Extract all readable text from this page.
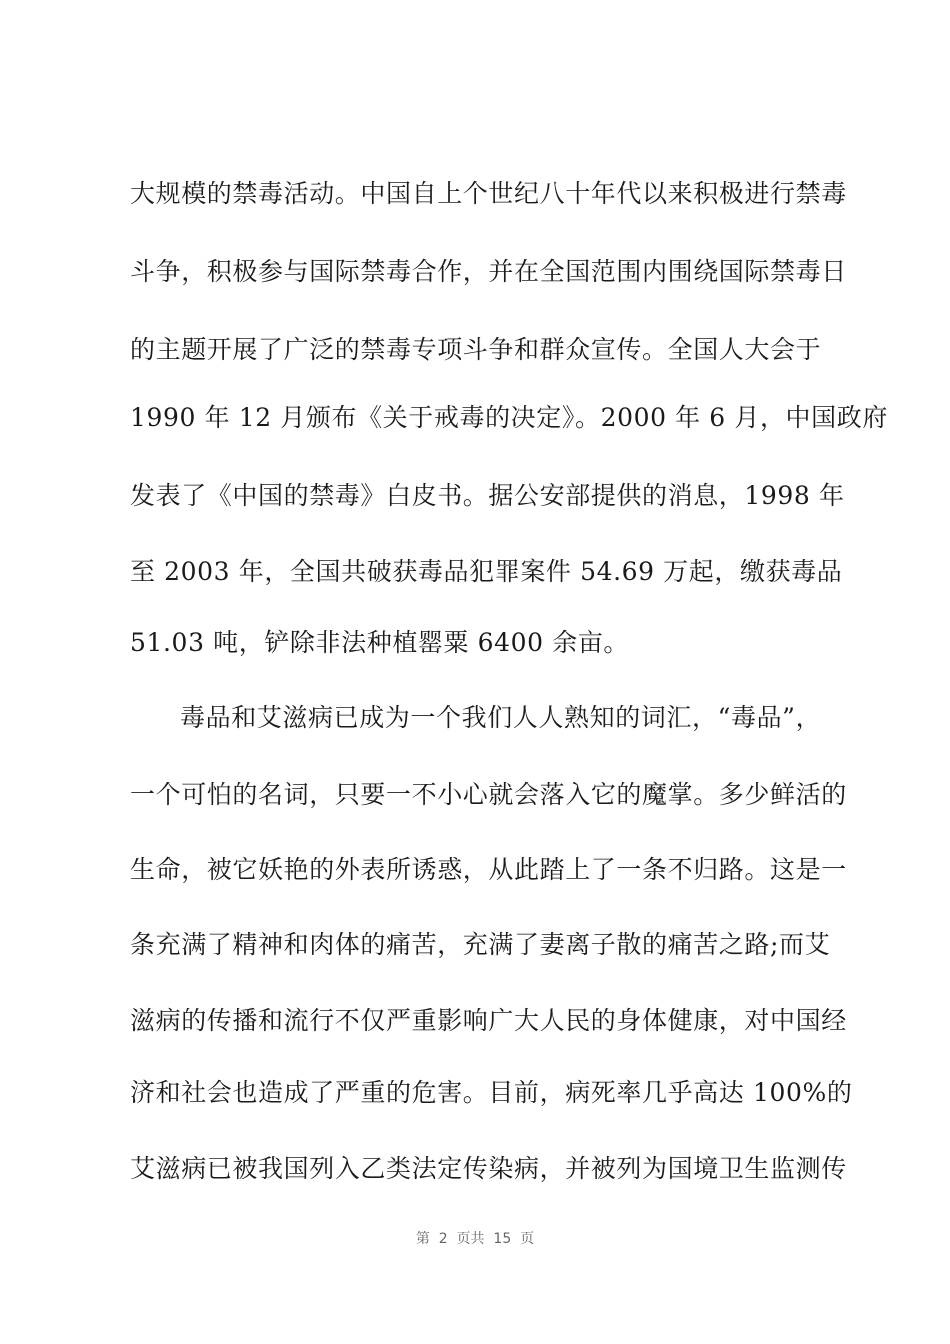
大规模的禁毒活动。中国自上个世纪八十年代以来积极进行禁毒
斗争，积极参与国际禁毒合作，并在全国范围内围绕国际禁毒日
的主题开展了广泛的禁毒专项斗争和群众宣传。全国人大会于
1990 年 12 月颁布《关于戒毒的决定》。2000 年 6 月，中国政府
发表了《中国的禁毒》白皮书。据公安部提供的消息，1998 年
至 2003 年，全国共破获毒品犯罪案件 54.69 万起，缴获毒品
51.03 吨，铲除非法种植罂粟 6400 余亩。
毒品和艾滋病已成为一个我们人人熟知的词汇，“毒品”，
一个可怕的名词，只要一不小心就会落入它的魔掌。多少鲜活的
生命，被它妖艳的外表所诱惑，从此踏上了一条不归路。这是一
条充满了精神和肉体的痛苦，充满了妻离子散的痛苦之路;而艾
滋病的传播和流行不仅严重影响广大人民的身体健康，对中国经
济和社会也造成了严重的危害。目前，病死率几乎高达 100%的
艾滋病已被我国列入乙类法定传染病，并被列为国境卫生监测传
第  2  页共  15  页
